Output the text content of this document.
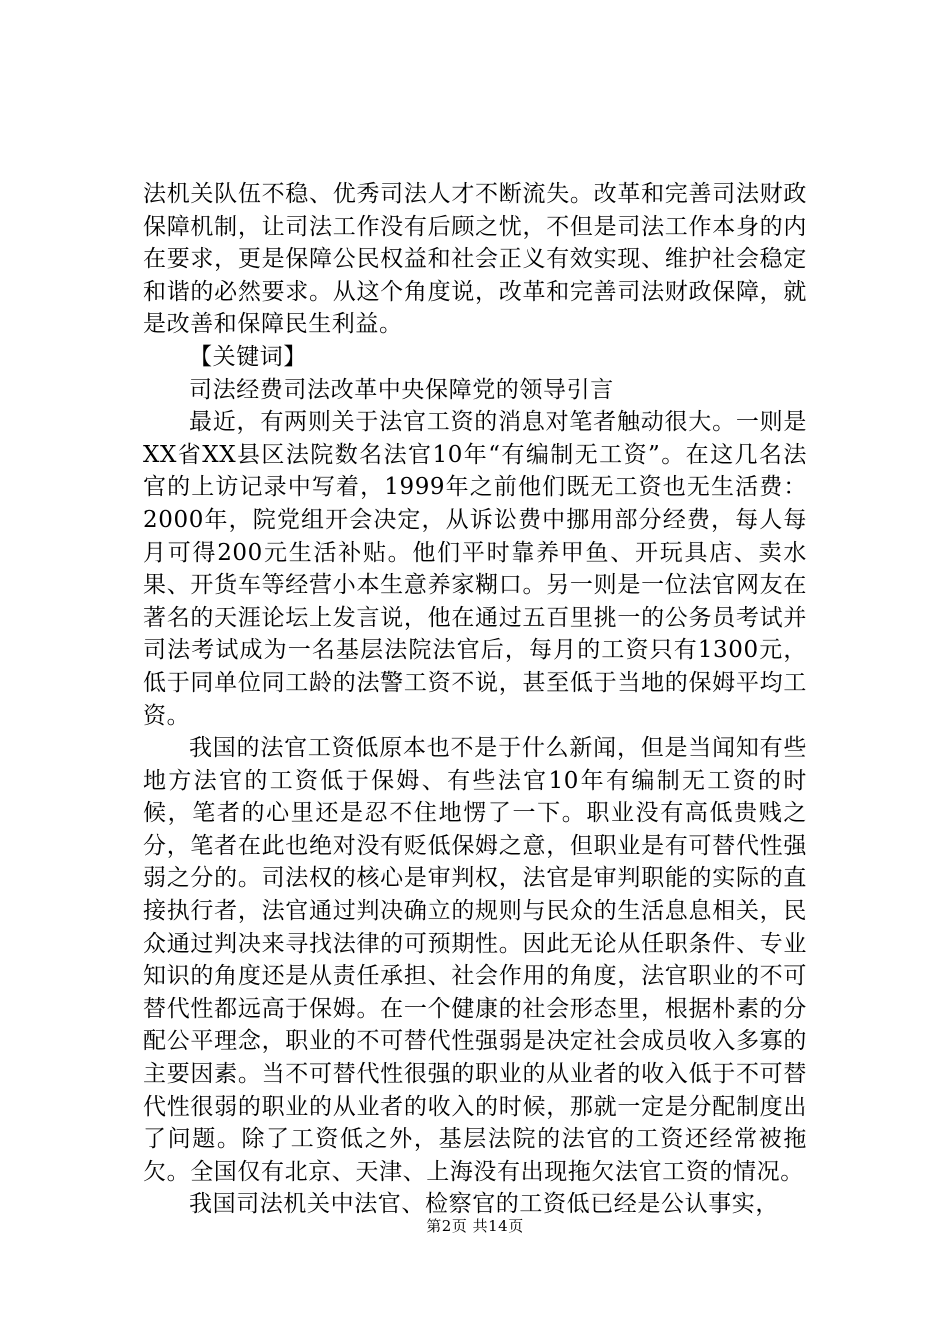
法机关队伍不稳、优秀司法人才不断流失。改革和完善司法财政保障机制，让司法工作没有后顾之忧，不但是司法工作本身的内在要求，更是保障公民权益和社会正义有效实现、维护社会稳定和谐的必然要求。从这个角度说，改革和完善司法财政保障，就是改善和保障民生利益。

【关键词】

司法经费司法改革中央保障党的领导引言

最近，有两则关于法官工资的消息对笔者触动很大。一则是XX省XX县区法院数名法官10年“有编制无工资”。在这几名法官的上访记录中写着，1999年之前他们既无工资也无生活费：2000年，院党组开会决定，从诉讼费中挪用部分经费，每人每月可得200元生活补贴。他们平时靠养甲鱼、开玩具店、卖水果、开货车等经营小本生意养家糊口。另一则是一位法官网友在著名的天涯论坛上发言说，他在通过五百里挑一的公务员考试并司法考试成为一名基层法院法官后，每月的工资只有1300元，低于同单位同工龄的法警工资不说，甚至低于当地的保姆平均工资。

我国的法官工资低原本也不是于什么新闻，但是当闻知有些地方法官的工资低于保姆、有些法官10年有编制无工资的时候，笔者的心里还是忍不住地愣了一下。职业没有高低贵贱之分，笔者在此也绝对没有贬低保姆之意，但职业是有可替代性强弱之分的。司法权的核心是审判权，法官是审判职能的实际的直接执行者，法官通过判决确立的规则与民众的生活息息相关，民众通过判决来寻找法律的可预期性。因此无论从任职条件、专业知识的角度还是从责任承担、社会作用的角度，法官职业的不可替代性都远高于保姆。在一个健康的社会形态里，根据朴素的分配公平理念，职业的不可替代性强弱是决定社会成员收入多寡的主要因素。当不可替代性很强的职业的从业者的收入低于不可替代性很弱的职业的从业者的收入的时候，那就一定是分配制度出了问题。除了工资低之外，基层法院的法官的工资还经常被拖欠。全国仅有北京、天津、上海没有出现拖欠法官工资的情况。

我国司法机关中法官、检察官的工资低已经是公认事实，

第2页 共14页
